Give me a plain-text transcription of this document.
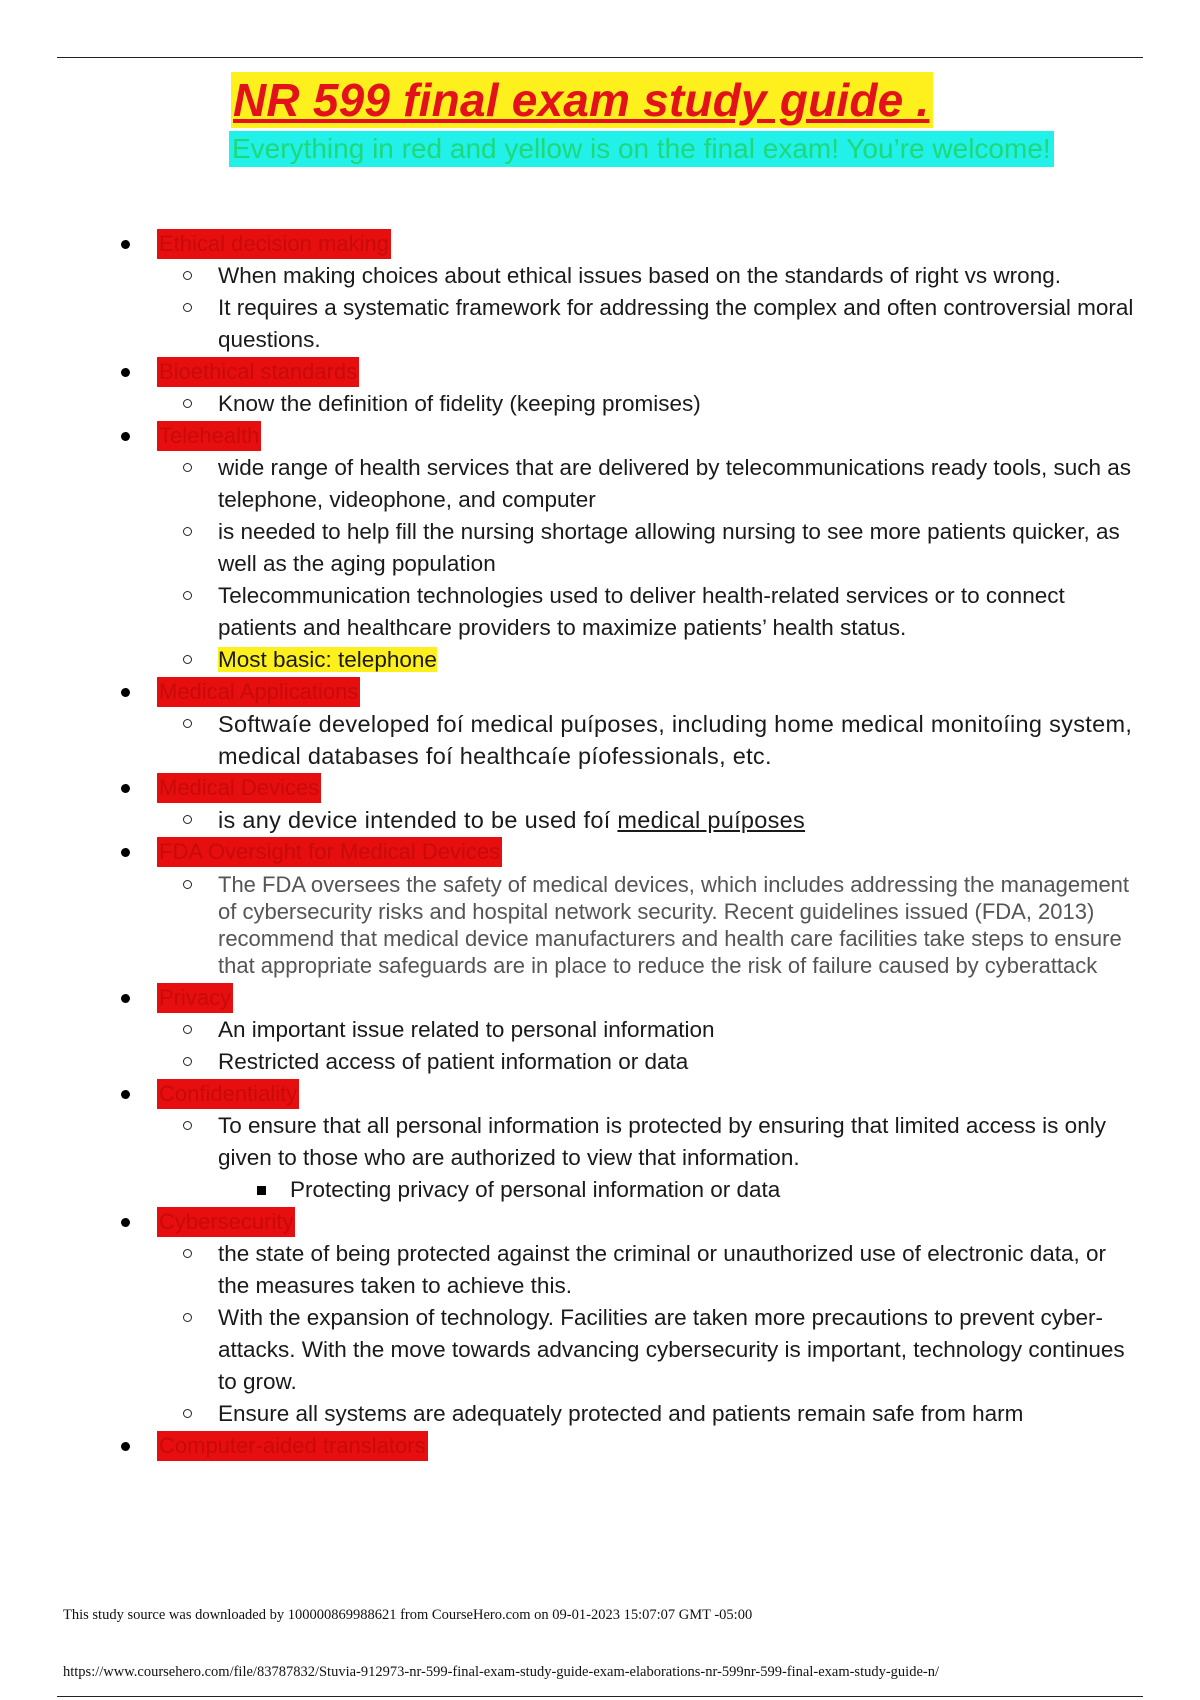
NR 599 final exam study guide .
Everything in red and yellow is on the final exam! You’re welcome!
Ethical decision making
When making choices about ethical issues based on the standards of right vs wrong.
It requires a systematic framework for addressing the complex and often controversial moral questions.
Bioethical standards
Know the definition of fidelity (keeping promises)
Telehealth
wide range of health services that are delivered by telecommunications ready tools, such as telephone, videophone, and computer
is needed to help fill the nursing shortage allowing nursing to see more patients quicker, as well as the aging population
Telecommunication technologies used to deliver health-related services or to connect patients and healthcare providers to maximize patients’ health status.
Most basic: telephone
Medical Applications
Softwaíe developed foí medical puíposes, including home medical monitoíing system, medical databases foí healthcaíe píofessionals, etc.
Medical Devices
is any device intended to be used foí medical puíposes
FDA Oversight for Medical Devices
The FDA oversees the safety of medical devices, which includes addressing the management of cybersecurity risks and hospital network security. Recent guidelines issued (FDA, 2013) recommend that medical device manufacturers and health care facilities take steps to ensure that appropriate safeguards are in place to reduce the risk of failure caused by cyberattack
Privacy
An important issue related to personal information
Restricted access of patient information or data
Confidentiality
To ensure that all personal information is protected by ensuring that limited access is only given to those who are authorized to view that information.
Protecting privacy of personal information or data
Cybersecurity
the state of being protected against the criminal or unauthorized use of electronic data, or the measures taken to achieve this.
With the expansion of technology. Facilities are taken more precautions to prevent cyber-attacks. With the move towards advancing cybersecurity is important, technology continues to grow.
Ensure all systems are adequately protected and patients remain safe from harm
Computer-aided translators
This study source was downloaded by 100000869988621 from CourseHero.com on 09-01-2023 15:07:07 GMT -05:00
https://www.coursehero.com/file/83787832/Stuvia-912973-nr-599-final-exam-study-guide-exam-elaborations-nr-599nr-599-final-exam-study-guide-n/
